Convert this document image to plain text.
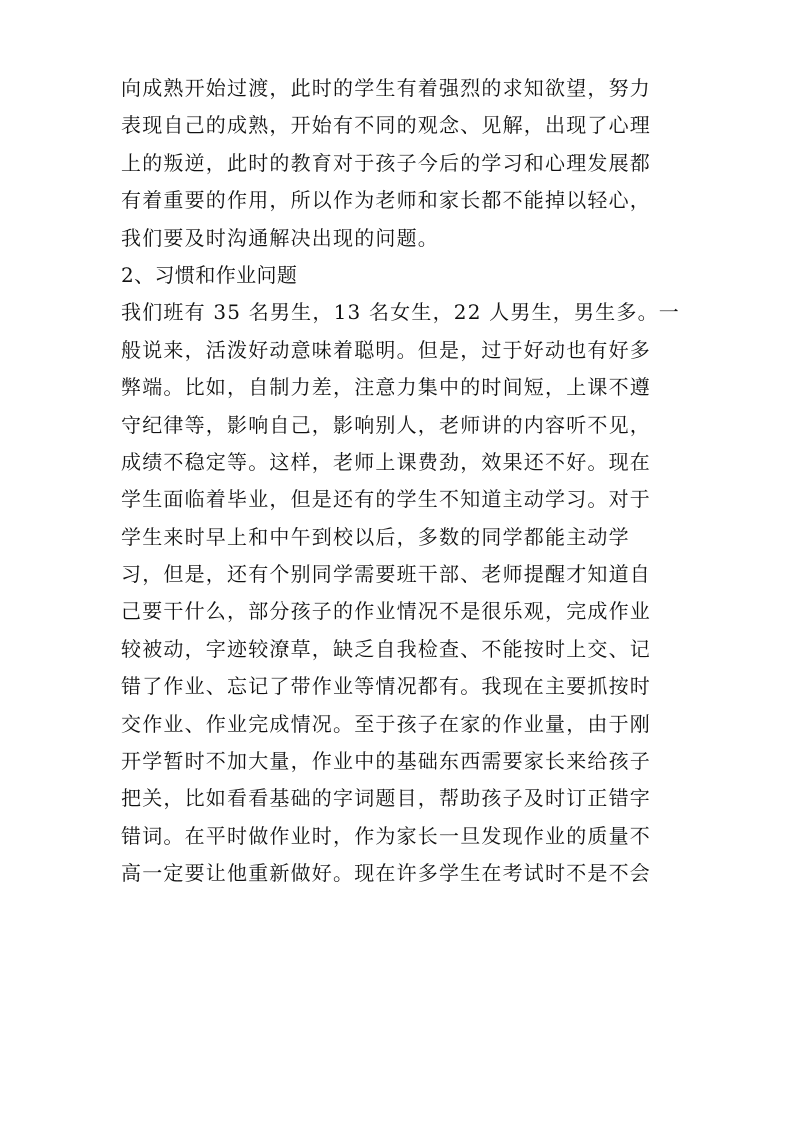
向成熟开始过渡，此时的学生有着强烈的求知欲望，努力
表现自己的成熟，开始有不同的观念、见解，出现了心理
上的叛逆，此时的教育对于孩子今后的学习和心理发展都
有着重要的作用，所以作为老师和家长都不能掉以轻心，
我们要及时沟通解决出现的问题。
2、习惯和作业问题
我们班有 35 名男生，13 名女生，22 人男生，男生多。一
般说来，活泼好动意味着聪明。但是，过于好动也有好多
弊端。比如，自制力差，注意力集中的时间短，上课不遵
守纪律等，影响自己，影响别人，老师讲的内容听不见，
成绩不稳定等。这样，老师上课费劲，效果还不好。现在
学生面临着毕业，但是还有的学生不知道主动学习。对于
学生来时早上和中午到校以后，多数的同学都能主动学
习，但是，还有个别同学需要班干部、老师提醒才知道自
己要干什么，部分孩子的作业情况不是很乐观，完成作业
较被动，字迹较潦草，缺乏自我检查、不能按时上交、记
错了作业、忘记了带作业等情况都有。我现在主要抓按时
交作业、作业完成情况。至于孩子在家的作业量，由于刚
开学暂时不加大量，作业中的基础东西需要家长来给孩子
把关，比如看看基础的字词题目，帮助孩子及时订正错字
错词。在平时做作业时，作为家长一旦发现作业的质量不
高一定要让他重新做好。现在许多学生在考试时不是不会
